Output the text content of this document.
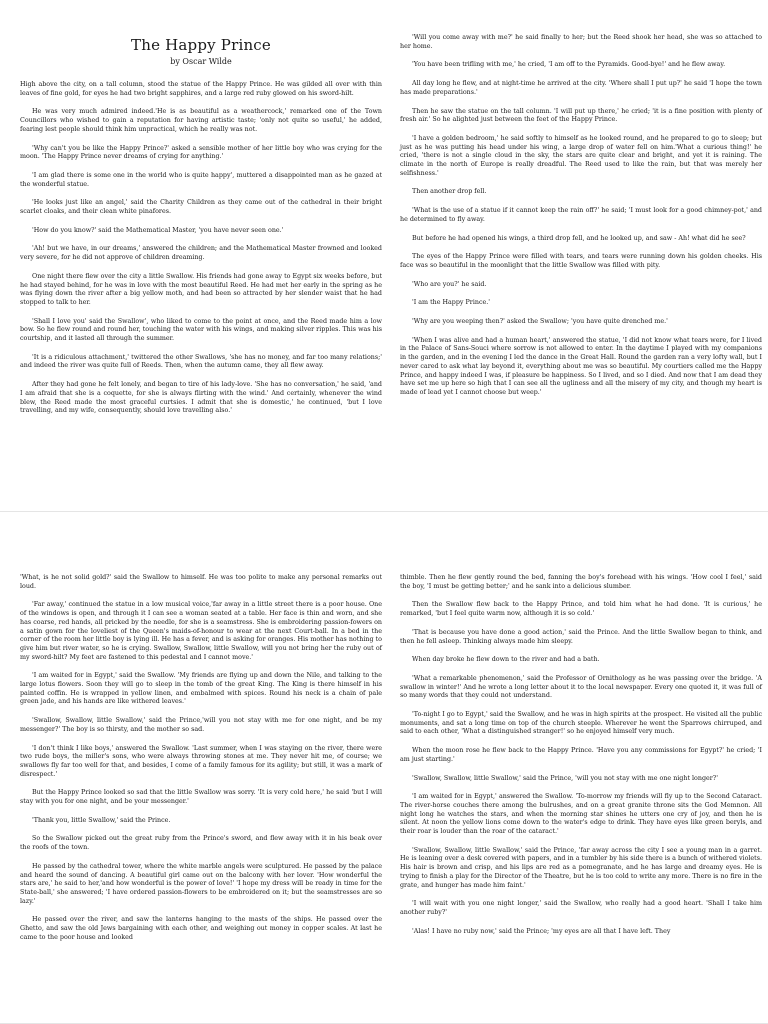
The Happy Prince
by Oscar Wilde

High above the city, on a tall column, stood the statue of the Happy Prince. He was gilded all over with thin leaves of fine gold, for eyes he had two bright sapphires, and a large red ruby glowed on his sword-hilt.

He was very much admired indeed.'He is as beautiful as a weathercock,' remarked one of the Town Councillors who wished to gain a reputation for having artistic taste; 'only not quite so useful,' he added, fearing lest people should think him unpractical, which he really was not.

'Why can't you be like the Happy Prince?' asked a sensible mother of her little boy who was crying for the moon. 'The Happy Prince never dreams of crying for anything.'

'I am glad there is some one in the world who is quite happy', muttered a disappointed man as he gazed at the wonderful statue.

'He looks just like an angel,' said the Charity Children as they came out of the cathedral in their bright scarlet cloaks, and their clean white pinafores.

'How do you know?' said the Mathematical Master, 'you have never seen one.'

'Ah! but we have, in our dreams,' answered the children; and the Mathematical Master frowned and looked very severe, for he did not approve of children dreaming.

One night there flew over the city a little Swallow. His friends had gone away to Egypt six weeks before, but he had stayed behind, for he was in love with the most beautiful Reed. He had met her early in the spring as he was flying down the river after a big yellow moth, and had been so attracted by her slender waist that he had stopped to talk to her.

'Shall I love you' said the Swallow', who liked to come to the point at once, and the Reed made him a low bow. So he flew round and round her, touching the water with his wings, and making silver ripples. This was his courtship, and it lasted all through the summer.

'It is a ridiculous attachment,' twittered the other Swallows, 'she has no money, and far too many relations;' and indeed the river was quite full of Reeds. Then, when the autumn came, they all flew away.

After they had gone he felt lonely, and began to tire of his lady-love. 'She has no conversation,' he said, 'and I am afraid that she is a coquette, for she is always flirting with the wind.' And certainly, whenever the wind blew, the Reed made the most graceful curtsies. I admit that she is domestic,' he continued, 'but I love travelling, and my wife, consequently, should love travelling also.'

'Will you come away with me?' he said finally to her; but the Reed shook her head, she was so attached to her home.

'You have been trifling with me,' he cried, 'I am off to the Pyramids. Good-bye!' and he flew away.

All day long he flew, and at night-time he arrived at the city. 'Where shall I put up?' he said 'I hope the town has made preparations.'

Then he saw the statue on the tall column. 'I will put up there,' he cried; 'it is a fine position with plenty of fresh air.' So he alighted just between the feet of the Happy Prince.

'I have a golden bedroom,' he said softly to himself as he looked round, and he prepared to go to sleep; but just as he was putting his head under his wing, a large drop of water fell on him.'What a curious thing!' he cried, 'there is not a single cloud in the sky, the stars are quite clear and bright, and yet it is raining. The climate in the north of Europe is really dreadful. The Reed used to like the rain, but that was merely her selfishness.'

Then another drop fell.

'What is the use of a statue if it cannot keep the rain off?' he said; 'I must look for a good chimney-pot,' and he determined to fly away.

But before he had opened his wings, a third drop fell, and he looked up, and saw - Ah! what did he see?

The eyes of the Happy Prince were filled with tears, and tears were running down his golden cheeks. His face was so beautiful in the moonlight that the little Swallow was filled with pity.

'Who are you?' he said.

'I am the Happy Prince.'

'Why are you weeping then?' asked the Swallow; 'you have quite drenched me.'

'When I was alive and had a human heart,' answered the statue, 'I did not know what tears were, for I lived in the Palace of Sans-Souci where sorrow is not allowed to enter. In the daytime I played with my companions in the garden, and in the evening I led the dance in the Great Hall. Round the garden ran a very lofty wall, but I never cared to ask what lay beyond it, everything about me was so beautiful. My courtiers called me the Happy Prince, and happy indeed I was, if pleasure be happiness. So I lived, and so I died. And now that I am dead they have set me up here so high that I can see all the ugliness and all the misery of my city, and though my heart is made of lead yet I cannot choose but weep.'

'What, is he not solid gold?' said the Swallow to himself. He was too polite to make any personal remarks out loud.

'Far away,' continued the statue in a low musical voice,'far away in a little street there is a poor house. One of the windows is open, and through it I can see a woman seated at a table. Her face is thin and worn, and she has coarse, red hands, all pricked by the needle, for she is a seamstress. She is embroidering passion-fowers on a satin gown for the loveliest of the Queen's maids-of-honour to wear at the next Court-ball. In a bed in the corner of the room her little boy is lying ill. He has a fever, and is asking for oranges. His mother has nothing to give him but river water, so he is crying. Swallow, Swallow, little Swallow, will you not bring her the ruby out of my sword-hilt? My feet are fastened to this pedestal and I cannot move.'

'I am waited for in Egypt,' said the Swallow. 'My friends are flying up and down the Nile, and talking to the large lotus flowers. Soon they will go to sleep in the tomb of the great King. The King is there himself in his painted coffin. He is wrapped in yellow linen, and embalmed with spices. Round his neck is a chain of pale green jade, and his hands are like withered leaves.'

'Swallow, Swallow, little Swallow,' said the Prince,'will you not stay with me for one night, and be my messenger?' The boy is so thirsty, and the mother so sad.

'I don't think I like boys,' answered the Swallow. 'Last summer, when I was staying on the river, there were two rude boys, the miller's sons, who were always throwing stones at me. They never hit me, of course; we swallows fly far too well for that, and besides, I come of a family famous for its agility; but still, it was a mark of disrespect.'

But the Happy Prince looked so sad that the little Swallow was sorry. 'It is very cold here,' he said 'but I will stay with you for one night, and be your messenger.'

'Thank you, little Swallow,' said the Prince.

So the Swallow picked out the great ruby from the Prince's sword, and flew away with it in his beak over the roofs of the town.

He passed by the cathedral tower, where the white marble angels were sculptured. He passed by the palace and heard the sound of dancing. A beautiful girl came out on the balcony with her lover. 'How wonderful the stars are,' he said to her,'and how wonderful is the power of love!' 'I hope my dress will be ready in time for the State-ball,' she answered; 'I have ordered passion-flowers to be embroidered on it; but the seamstresses are so lazy.'

He passed over the river, and saw the lanterns hanging to the masts of the ships. He passed over the Ghetto, and saw the old Jews bargaining with each other, and weighing out money in copper scales. At last he came to the poor house and looked

thimble. Then he flew gently round the bed, fanning the boy's forehead with his wings. 'How cool I feel,' said the boy, 'I must be getting better;' and he sank into a delicious slumber.

Then the Swallow flew back to the Happy Prince, and told him what he had done. 'It is curious,' he remarked, 'but I feel quite warm now, although it is so cold.'

'That is because you have done a good action,' said the Prince. And the little Swallow began to think, and then he fell asleep. Thinking always made him sleepy.

When day broke he flew down to the river and had a bath.

'What a remarkable phenomenon,' said the Professor of Ornithology as he was passing over the bridge. 'A swallow in winter!' And he wrote a long letter about it to the local newspaper. Every one quoted it, it was full of so many words that they could not understand.

'To-night I go to Egypt,' said the Swallow, and he was in high spirits at the prospect. He visited all the public monuments, and sat a long time on top of the church steeple. Wherever he went the Sparrows chirruped, and said to each other, 'What a distinguished stranger!' so he enjoyed himself very much.

When the moon rose he flew back to the Happy Prince. 'Have you any commissions for Egypt?' he cried; 'I am just starting.'

'Swallow, Swallow, little Swallow,' said the Prince, 'will you not stay with me one night longer?'

'I am waited for in Egypt,' answered the Swallow. 'To-morrow my friends will fly up to the Second Cataract. The river-horse couches there among the bulrushes, and on a great granite throne sits the God Memnon. All night long he watches the stars, and when the morning star shines he utters one cry of joy, and then he is silent. At noon the yellow lions come down to the water's edge to drink. They have eyes like green beryls, and their roar is louder than the roar of the cataract.'

'Swallow, Swallow, little Swallow,' said the Prince, 'far away across the city I see a young man in a garret. He is leaning over a desk covered with papers, and in a tumbler by his side there is a bunch of withered violets. His hair is brown and crisp, and his lips are red as a pomegranate, and he has large and dreamy eyes. He is trying to finish a play for the Director of the Theatre, but he is too cold to write any more. There is no fire in the grate, and hunger has made him faint.'

'I will wait with you one night longer,' said the Swallow, who really had a good heart. 'Shall I take him another ruby?'

'Alas! I have no ruby now,' said the Prince; 'my eyes are all that I have left. They
